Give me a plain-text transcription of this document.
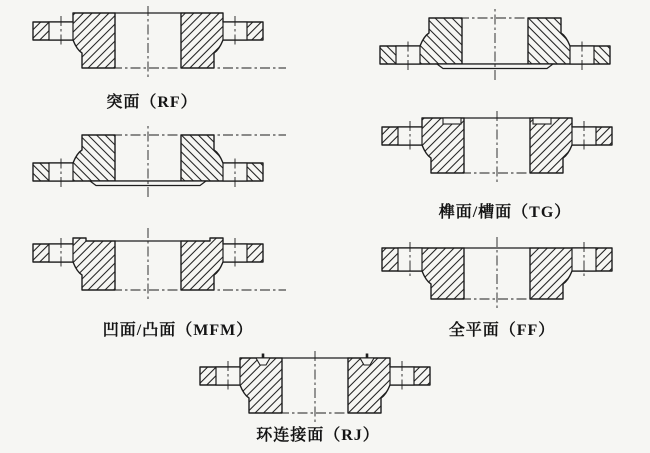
突面（RF）
榫面/槽面（TG）
凹面/凸面（MFM）	全平面（FF）
环连接面（RJ）
